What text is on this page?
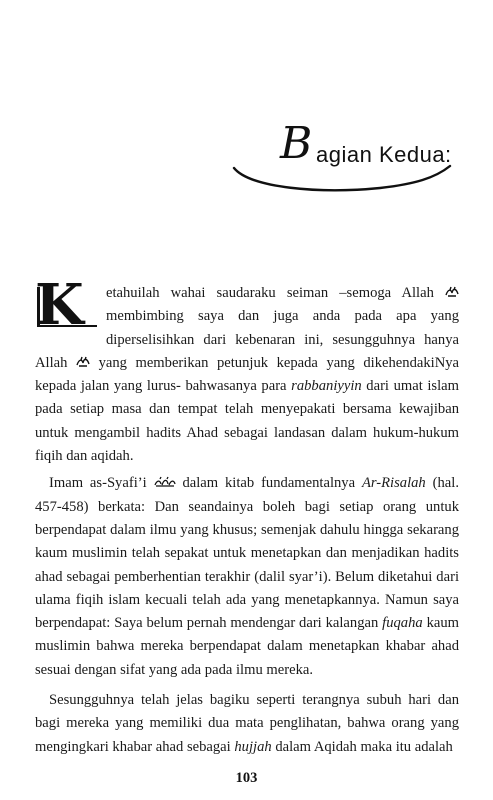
B agian Kedua:

K etahuilah wahai saudaraku seiman –semoga Allah  membimbing saya dan juga anda pada apa yang diperselisihkan dari kebenaran ini, sesungguhnya hanya Allah yang memberikan petunjuk kepada yang dikehendakiNya kepada jalan yang lurus- bahwasanya para rabbaniyyin dari umat islam pada setiap masa dan tempat telah menyepakati bersama kewajiban untuk mengambil hadits Ahad sebagai landasan dalam hukum-hukum fiqih dan aqidah.

Imam as-Syafi’i dalam kitab fundamentalnya Ar-Risalah (hal. 457-458) berkata: Dan seandainya boleh bagi setiap orang untuk berpendapat dalam ilmu yang khusus; semenjak dahulu hingga sekarang kaum muslimin telah sepakat untuk menetapkan dan menjadikan hadits ahad sebagai pemberhentian terakhir (dalil syar’i). Belum diketahui dari ulama fiqih islam kecuali telah ada yang menetapkannya. Namun saya berpendapat: Saya belum pernah mendengar dari kalangan fuqaha kaum muslimin bahwa mereka berpendapat dalam menetapkan khabar ahad sesuai dengan sifat yang ada pada ilmu mereka.

Sesungguhnya telah jelas bagiku seperti terangnya subuh hari dan bagi mereka yang memiliki dua mata penglihatan, bahwa orang yang mengingkari khabar ahad sebagai hujjah dalam Aqidah maka itu adalah

103
